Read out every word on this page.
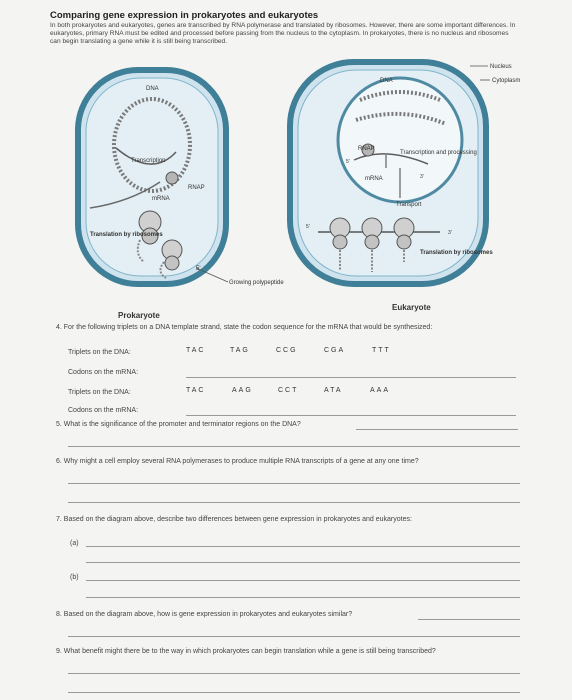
Comparing gene expression in prokaryotes and eukaryotes
In both prokaryotes and eukaryotes, genes are transcribed by RNA polymerase and translated by ribosomes. However, there are some important differences. In eukaryotes, primary RNA must be edited and processed before passing from the nucleus to the cytoplasm. In prokaryotes, there is no nucleus and ribosomes can begin translating a gene while it is still being transcribed.
DNA
Transcription
RNAP
mRNA
Translation by ribosomes
5'
Growing polypeptide
Nucleus
Cytoplasm
DNA
RNAP
5'
mRNA
Transcription and processing
3'
Transport
5'
3'
Translation by ribosomes
Prokaryote
Eukaryote
4. For the following triplets on a DNA template strand, state the codon sequence for the mRNA that would be synthesized:
Triplets on the DNA:	TAC	TAG	CCG	CGA	TTT
Codons on the mRNA:
Triplets on the DNA:	TAC	AAG	CCT	ATA	AAA
Codons on the mRNA:
5. What is the significance of the promoter and terminator regions on the DNA?
6. Why might a cell employ several RNA polymerases to produce multiple RNA transcripts of a gene at any one time?
7. Based on the diagram above, describe two differences between gene expression in prokaryotes and eukaryotes:
(a)
(b)
8. Based on the diagram above, how is gene expression in prokaryotes and eukaryotes similar?
9. What benefit might there be to the way in which prokaryotes can begin translation while a gene is still being transcribed?
